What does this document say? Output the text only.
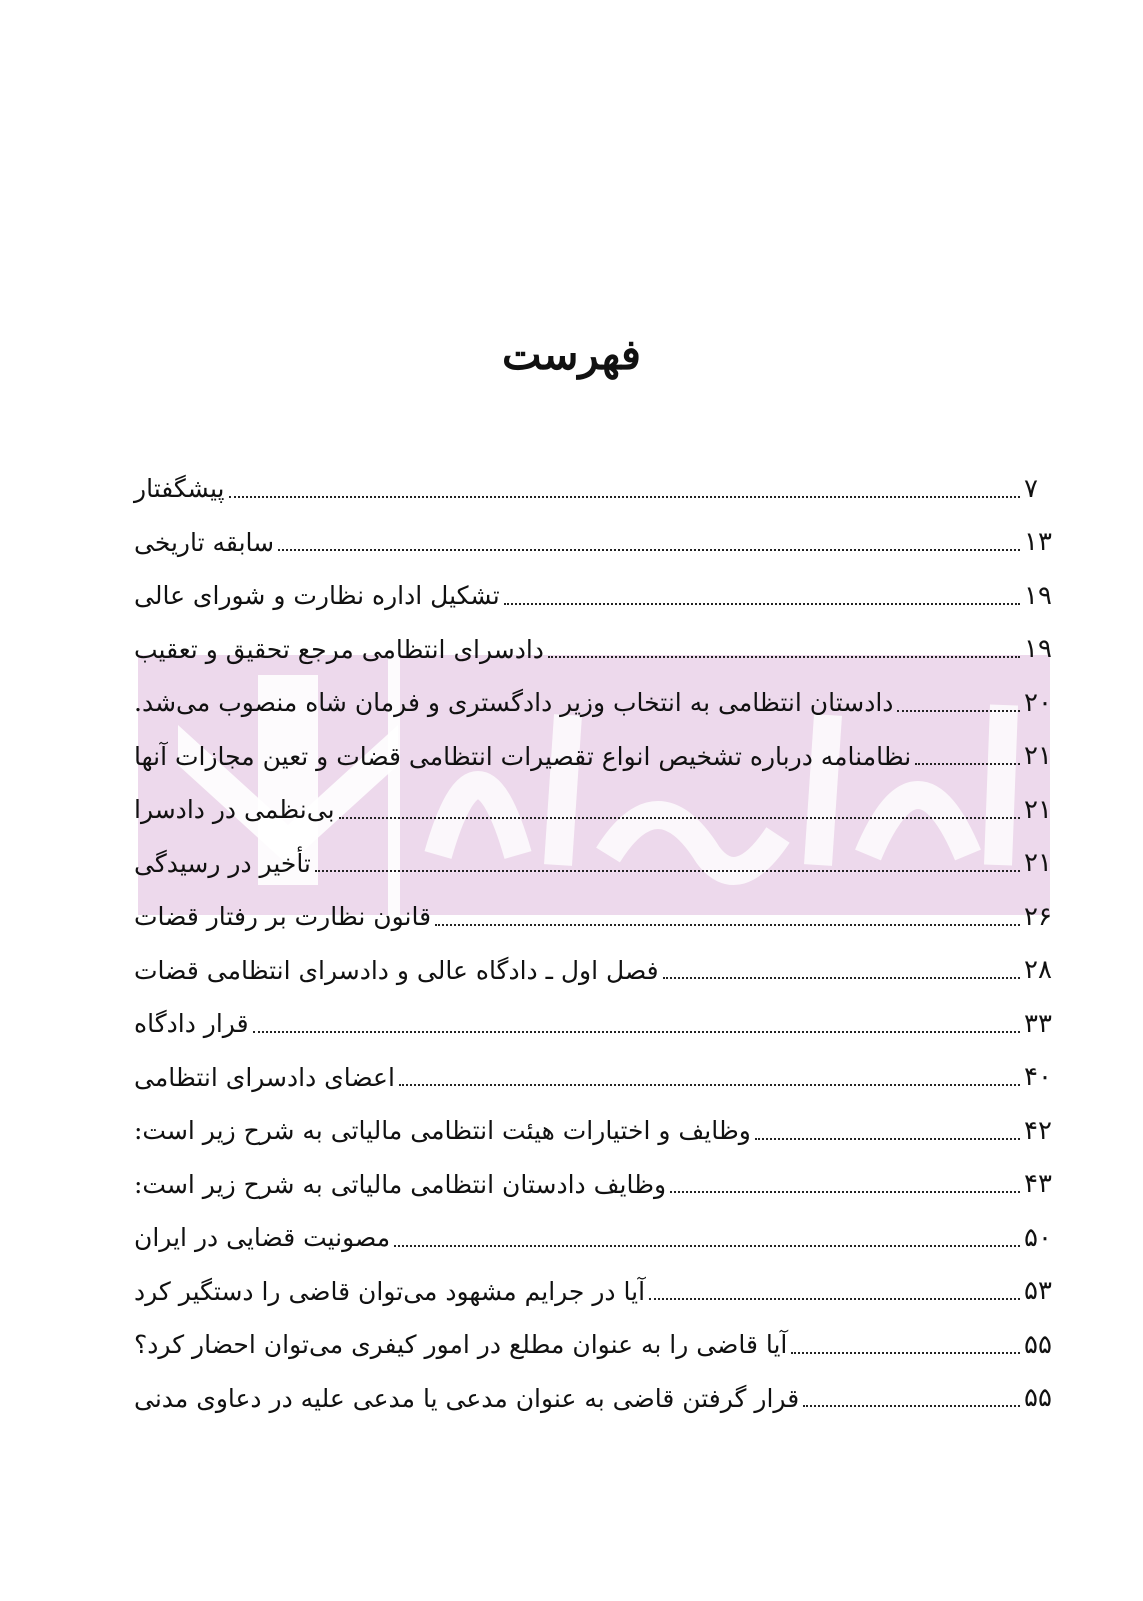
فهرست
پیشگفتار	۷
سابقه تاریخی	۱۳
تشکیل اداره نظارت و شورای عالی	۱۹
دادسرای انتظامی مرجع تحقیق و تعقیب	۱۹
دادستان انتظامی به انتخاب وزیر دادگستری و فرمان شاه منصوب می‌شد.	۲۰
نظامنامه درباره تشخیص انواع تقصیرات انتظامی قضات و تعین مجازات آنها	۲۱
بی‌نظمی در دادسرا	۲۱
تأخیر در رسیدگی	۲۱
قانون نظارت بر رفتار قضات	۲۶
فصل اول ـ دادگاه عالی و دادسرای انتظامی قضات	۲۸
قرار دادگاه	۳۳
اعضای دادسرای انتظامی	۴۰
وظایف و اختیارات هیئت انتظامی مالیاتی به شرح زیر است:	۴۲
وظایف دادستان انتظامی مالیاتی به شرح زیر است:	۴۳
مصونیت قضایی در ایران	۵۰
آیا در جرایم مشهود می‌توان قاضی را دستگیر کرد	۵۳
آیا قاضی را به عنوان مطلع در امور کیفری می‌توان احضار کرد؟	۵۵
قرار گرفتن قاضی به عنوان مدعی یا مدعی علیه در دعاوی مدنی	۵۵
